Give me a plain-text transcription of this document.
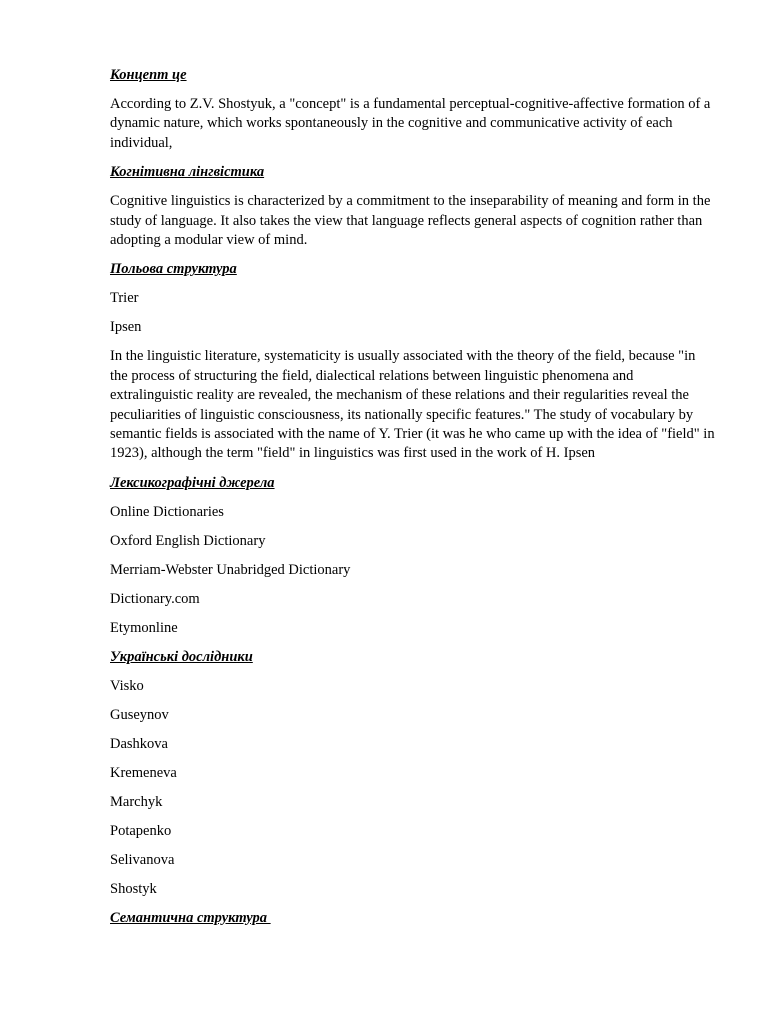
Концепт це

According to Z.V. Shostyuk, a "concept" is a fundamental perceptual-cognitive-affective formation of a dynamic nature, which works spontaneously in the cognitive and communicative activity of each individual,

Когнітивна лінгвістика

Cognitive linguistics is characterized by a commitment to the inseparability of meaning and form in the study of language. It also takes the view that language reflects general aspects of cognition rather than adopting a modular view of mind.

Польова структура
Trier
Ipsen

In the linguistic literature, systematicity is usually associated with the theory of the field, because "in the process of structuring the field, dialectical relations between linguistic phenomena and extralinguistic reality are revealed, the mechanism of these relations and their regularities reveal the peculiarities of linguistic consciousness, its nationally specific features." The study of vocabulary by semantic fields is associated with the name of Y. Trier (it was he who came up with the idea of "field" in 1923), although the term "field" in linguistics was first used in the work of H. Ipsen

Лексикографічні джерела
Online Dictionaries
Oxford English Dictionary
Merriam-Webster Unabridged Dictionary
Dictionary.com
Etymonline
Українські дослідники
Visko
Guseynov
Dashkova
Kremeneva
Marchyk
Potapenko
Selivanova
Shostyk
Семантична структура
